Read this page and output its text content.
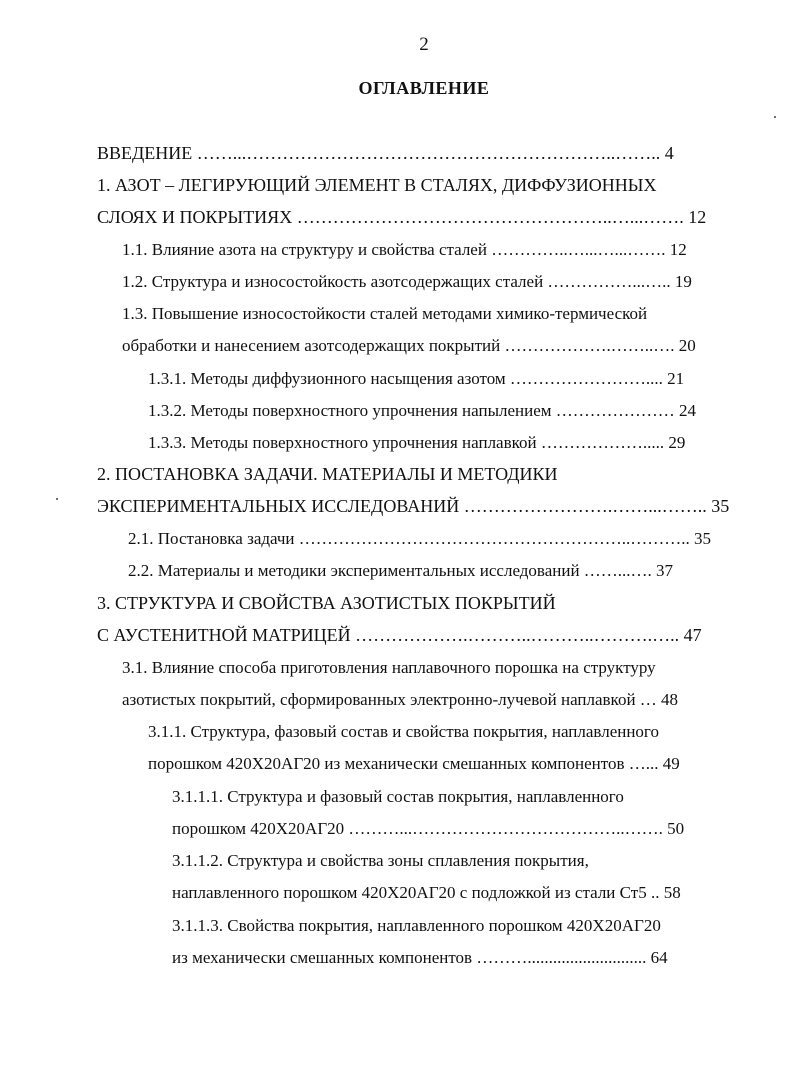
2
ОГЛАВЛЕНИЕ
ВВЕДЕНИЕ ……...……………………………………………………..…….. 4
1. АЗОТ – ЛЕГИРУЮЩИЙ ЭЛЕМЕНТ В СТАЛЯХ, ДИФФУЗИОННЫХ
СЛОЯХ И ПОКРЫТИЯХ ……………………………………………..…...……. 12
1.1. Влияние азота на структуру и свойства сталей …………..…...…...……. 12
1.2. Структура и износостойкость азотсодержащих сталей ……………...….. 19
1.3. Повышение износостойкости сталей методами химико-термической
обработки и нанесением азотсодержащих покрытий ……………….……..…. 20
1.3.1. Методы диффузионного насыщения азотом …………………….... 21
1.3.2. Методы поверхностного упрочнения напылением ………………… 24
1.3.3. Методы поверхностного упрочнения наплавкой ………………..... 29
2. ПОСТАНОВКА ЗАДАЧИ. МАТЕРИАЛЫ И МЕТОДИКИ
ЭКСПЕРИМЕНТАЛЬНЫХ ИССЛЕДОВАНИЙ …………………….……...…….. 35
2.1. Постановка задачи …………………………………………………..……….. 35
2.2. Материалы и методики экспериментальных исследований ……...…. 37
3. СТРУКТУРА И СВОЙСТВА АЗОТИСТЫХ ПОКРЫТИЙ
С АУСТЕНИТНОЙ МАТРИЦЕЙ ……………….………..………..……….….. 47
3.1. Влияние способа приготовления наплавочного порошка на структуру
азотистых покрытий, сформированных электронно-лучевой наплавкой … 48
3.1.1. Структура, фазовый состав и свойства покрытия, наплавленного
порошком 420Х20АГ20 из механически смешанных компонентов …... 49
3.1.1.1. Структура и фазовый состав покрытия, наплавленного
порошком 420Х20АГ20 ………...………………………………..……. 50
3.1.1.2. Структура и свойства зоны сплавления покрытия,
наплавленного порошком 420Х20АГ20 с подложкой из стали Ст5 .. 58
3.1.1.3. Свойства покрытия, наплавленного порошком 420Х20АГ20
из механически смешанных компонентов ………............................ 64
